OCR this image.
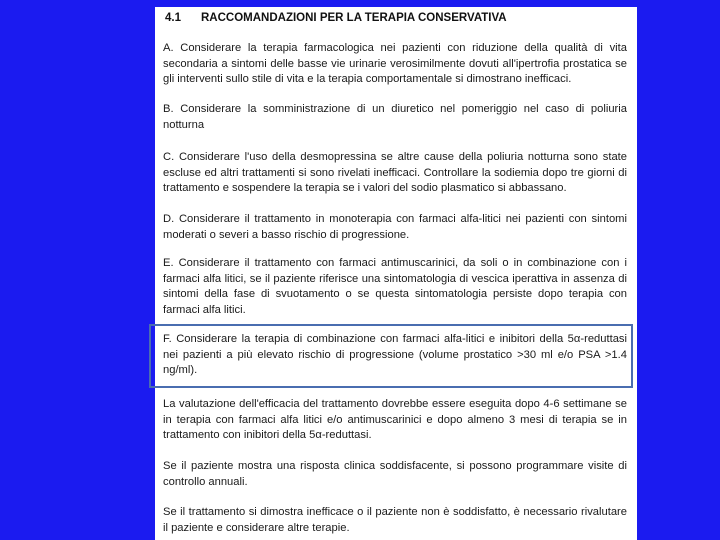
4.1 RACCOMANDAZIONI PER LA TERAPIA CONSERVATIVA
A. Considerare la terapia farmacologica nei pazienti con riduzione della qualità di vita secondaria a sintomi delle basse vie urinarie verosimilmente dovuti all'ipertrofia prostatica se gli interventi sullo stile di vita e la terapia comportamentale si dimostrano inefficaci.
B. Considerare la somministrazione di un diuretico nel pomeriggio nel caso di poliuria notturna
C. Considerare l'uso della desmopressina se altre cause della poliuria notturna sono state escluse ed altri trattamenti si sono rivelati inefficaci. Controllare la sodiemia dopo tre giorni di trattamento e sospendere la terapia se i valori del sodio plasmatico si abbassano.
D. Considerare il trattamento in monoterapia con farmaci alfa-litici nei pazienti con sintomi moderati o severi a basso rischio di progressione.
E. Considerare il trattamento con farmaci antimuscarinici, da soli o in combinazione con i farmaci alfa litici, se il paziente riferisce una sintomatologia di vescica iperattiva in assenza di sintomi della fase di svuotamento o se questa sintomatologia persiste dopo terapia con farmaci alfa litici.
F. Considerare la terapia di combinazione con farmaci alfa-litici e inibitori della 5α-reduttasi nei pazienti a più elevato rischio di progressione (volume prostatico >30 ml e/o PSA >1.4 ng/ml).
La valutazione dell'efficacia del trattamento dovrebbe essere eseguita dopo 4-6 settimane se in terapia con farmaci alfa litici e/o antimuscarinici e dopo almeno 3 mesi di terapia se in trattamento con inibitori della 5α-reduttasi.
Se il paziente mostra una risposta clinica soddisfacente, si possono programmare visite di controllo annuali.
Se il trattamento si dimostra inefficace o il paziente non è soddisfatto, è necessario rivalutare il paziente e considerare altre terapie.
